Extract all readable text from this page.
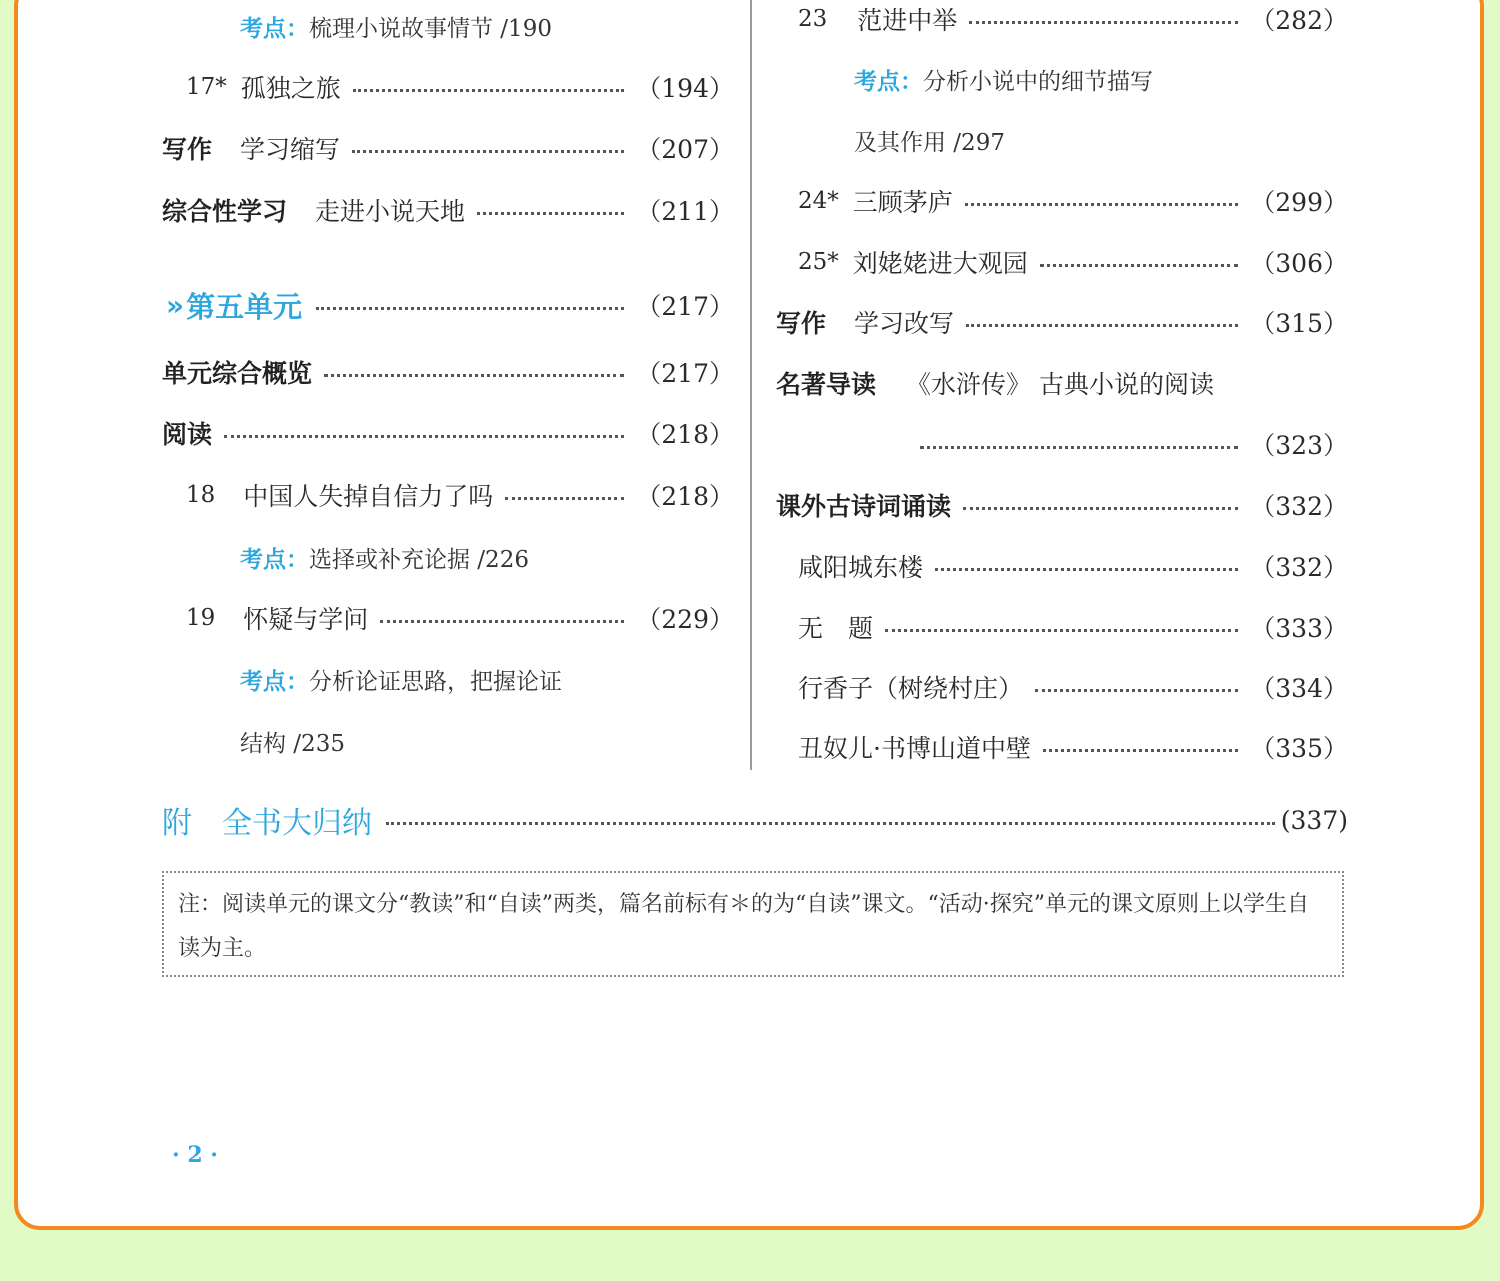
考点： 梳理小说故事情节 /190
17* 孤独之旅	（194）
写作 学习缩写	（207）
综合性学习 走进小说天地	（211）
» 第五单元	（217）
单元综合概览	（217）
阅读	（218）
18 中国人失掉自信力了吗	（218）
考点： 选择或补充论据 /226
19 怀疑与学问	（229）
考点： 分析论证思路，把握论证
结构 /235
23 范进中举	（282）
考点： 分析小说中的细节描写
及其作用 /297
24* 三顾茅庐	（299）
25* 刘姥姥进大观园	（306）
写作 学习改写	（315）
名著导读 《水浒传》 古典小说的阅读
（323）
课外古诗词诵读	（332）
咸阳城东楼	（332）
无　题	（333）
行香子（树绕村庄）	（334）
丑奴儿·书博山道中壁	（335）
附 全书大归纳	(337)
注：阅读单元的课文分“教读”和“自读”两类，篇名前标有＊的为“自读”课文。“活动·探究”单元的课文原则上以学生自读为主。
· 2 ·
